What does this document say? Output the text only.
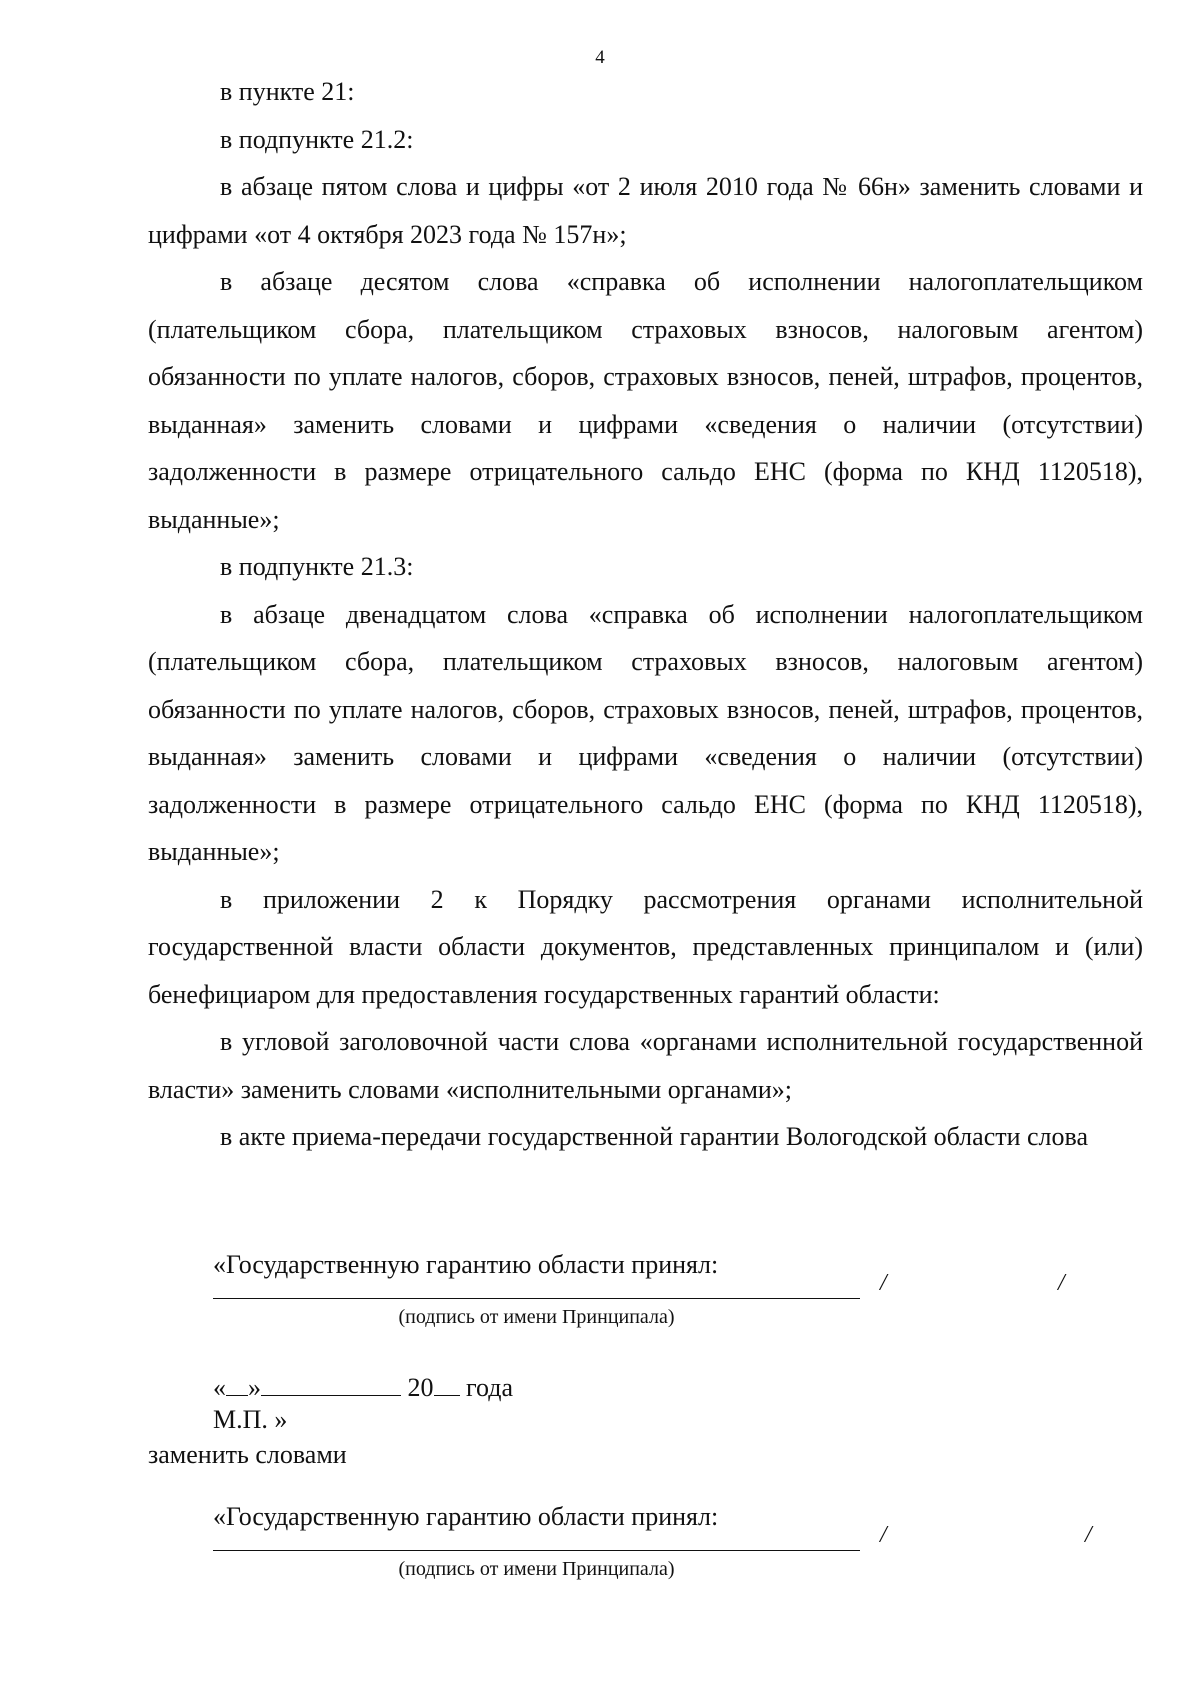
4

в пункте 21:

в подпункте 21.2:

в абзаце пятом слова и цифры «от 2 июля 2010 года № 66н» заменить словами и цифрами «от 4 октября 2023 года № 157н»;

в абзаце десятом слова «справка об исполнении налогоплательщиком (плательщиком сбора, плательщиком страховых взносов, налоговым агентом) обязанности по уплате налогов, сборов, страховых взносов, пеней, штрафов, процентов, выданная» заменить словами и цифрами «сведения о наличии (отсутствии) задолженности в размере отрицательного сальдо ЕНС (форма по КНД 1120518), выданные»;

в подпункте 21.3:

в абзаце двенадцатом слова «справка об исполнении налогоплательщиком (плательщиком сбора, плательщиком страховых взносов, налоговым агентом) обязанности по уплате налогов, сборов, страховых взносов, пеней, штрафов, процентов, выданная» заменить словами и цифрами «сведения о наличии (отсутствии) задолженности в размере отрицательного сальдо ЕНС (форма по КНД 1120518), выданные»;

в приложении 2 к Порядку рассмотрения органами исполнительной государственной власти области документов, представленных принципалом и (или) бенефициаром для предоставления государственных гарантий области:

в угловой заголовочной части слова «органами исполнительной государственной власти» заменить словами «исполнительными органами»;

в акте приема-передачи государственной гарантии Вологодской области слова

«Государственную гарантию области принял:
/	/
(подпись от имени Принципала)
« »	20 года
М.П. »
заменить словами
«Государственную гарантию области принял:
/	/
(подпись от имени Принципала)
